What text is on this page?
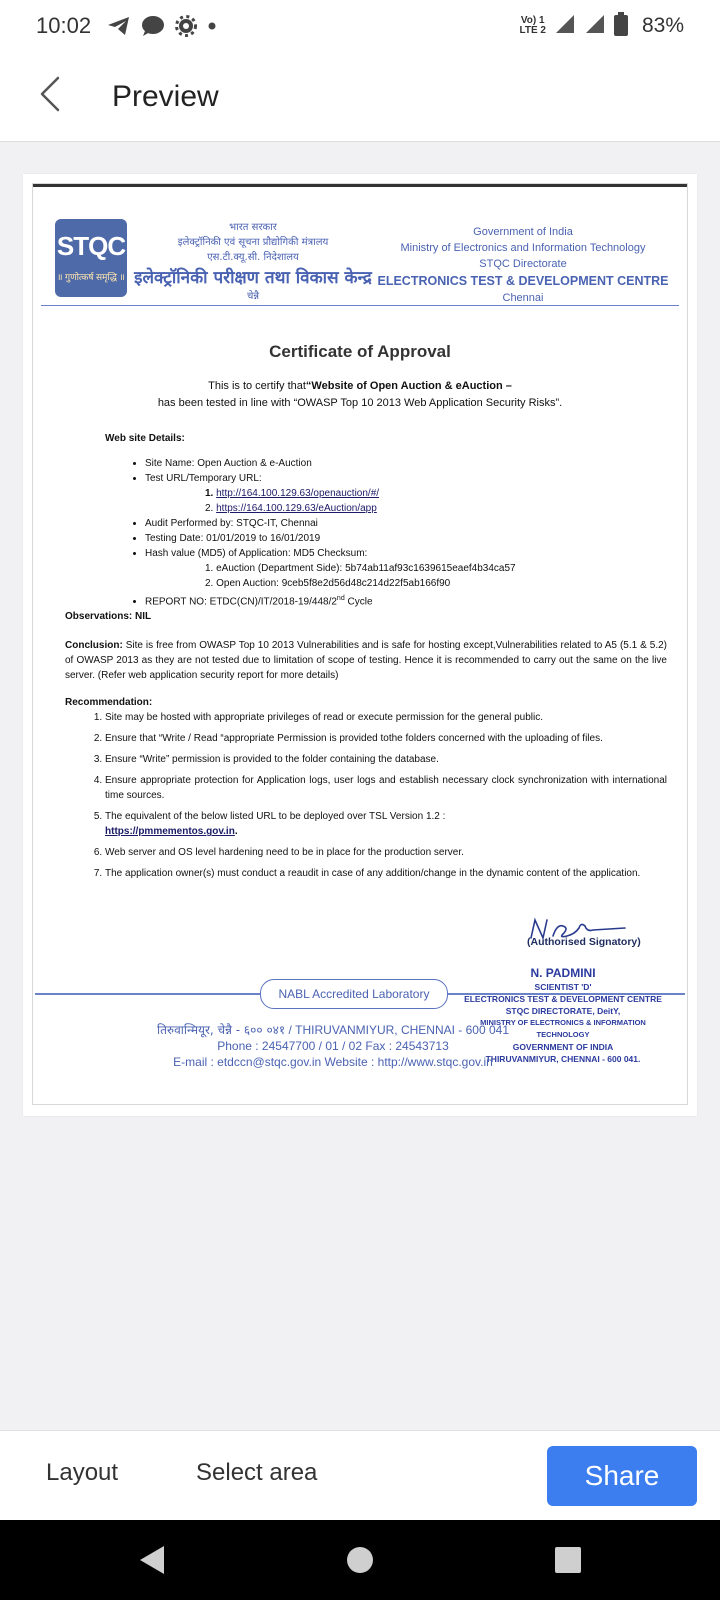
10:02	Vo) 1
LTE 2	83%
Preview
STQC
॥ गुणोत्कर्ष समृद्धि ॥
भारत सरकार
इलेक्ट्रॉनिकी एवं सूचना प्रौद्योगिकी मंत्रालय
एस.टी.क्यू.सी. निदेशालय
इलेक्ट्रॉनिकी परीक्षण तथा विकास केन्द्र
चेन्नै
Government of India
Ministry of Electronics and Information Technology
STQC Directorate
ELECTRONICS TEST & DEVELOPMENT CENTRE
Chennai
Certificate of Approval
This is to certify that“Website of Open Auction & eAuction –
has been tested in line with “OWASP Top 10 2013 Web Application Security Risks”.
Web site Details:
• Site Name: Open Auction & e-Auction
• Test URL/Temporary URL:
1. http://164.100.129.63/openauction/#/
2. https://164.100.129.63/eAuction/app
• Audit Performed by: STQC-IT, Chennai
• Testing Date: 01/01/2019 to 16/01/2019
• Hash value (MD5) of Application: MD5 Checksum:
1. eAuction (Department Side): 5b74ab11af93c1639615eaef4b34ca57
2. Open Auction: 9ceb5f8e2d56d48c214d22f5ab166f90
• REPORT NO: ETDC(CN)/IT/2018-19/448/2nd Cycle
Observations: NIL
Conclusion: Site is free from OWASP Top 10 2013 Vulnerabilities and is safe for hosting except,Vulnerabilities related to A5 (5.1 & 5.2) of OWASP 2013 as they are not tested due to limitation of scope of testing. Hence it is recommended to carry out the same on the live server. (Refer web application security report for more details)
Recommendation:
1. Site may be hosted with appropriate privileges of read or execute permission for the general public.
2. Ensure that “Write / Read “appropriate Permission is provided tothe folders concerned with the uploading of files.
3. Ensure “Write” permission is provided to the folder containing the database.
4. Ensure appropriate protection for Application logs, user logs and establish necessary clock synchronization with international time sources.
5. The equivalent of the below listed URL to be deployed over TSL Version 1.2 :
https://pmmementos.gov.in.
6. Web server and OS level hardening need to be in place for the production server.
7. The application owner(s) must conduct a reaudit in case of any addition/change in the dynamic content of the application.
(Authorised Signatory)
NABL Accredited Laboratory
N. PADMINI
SCIENTIST 'D'
ELECTRONICS TEST & DEVELOPMENT CENTRE
STQC DIRECTORATE, DeitY,
MINISTRY OF ELECTRONICS & INFORMATION TECHNOLOGY
GOVERNMENT OF INDIA
THIRUVANMIYUR, CHENNAI - 600 041.
तिरुवान्मियूर, चेन्नै - ६०० ०४१ / THIRUVANMIYUR, CHENNAI - 600 041
Phone : 24547700 / 01 / 02 Fax : 24543713
E-mail : etdccn@stqc.gov.in Website : http://www.stqc.gov.in
Layout	Select area	Share
